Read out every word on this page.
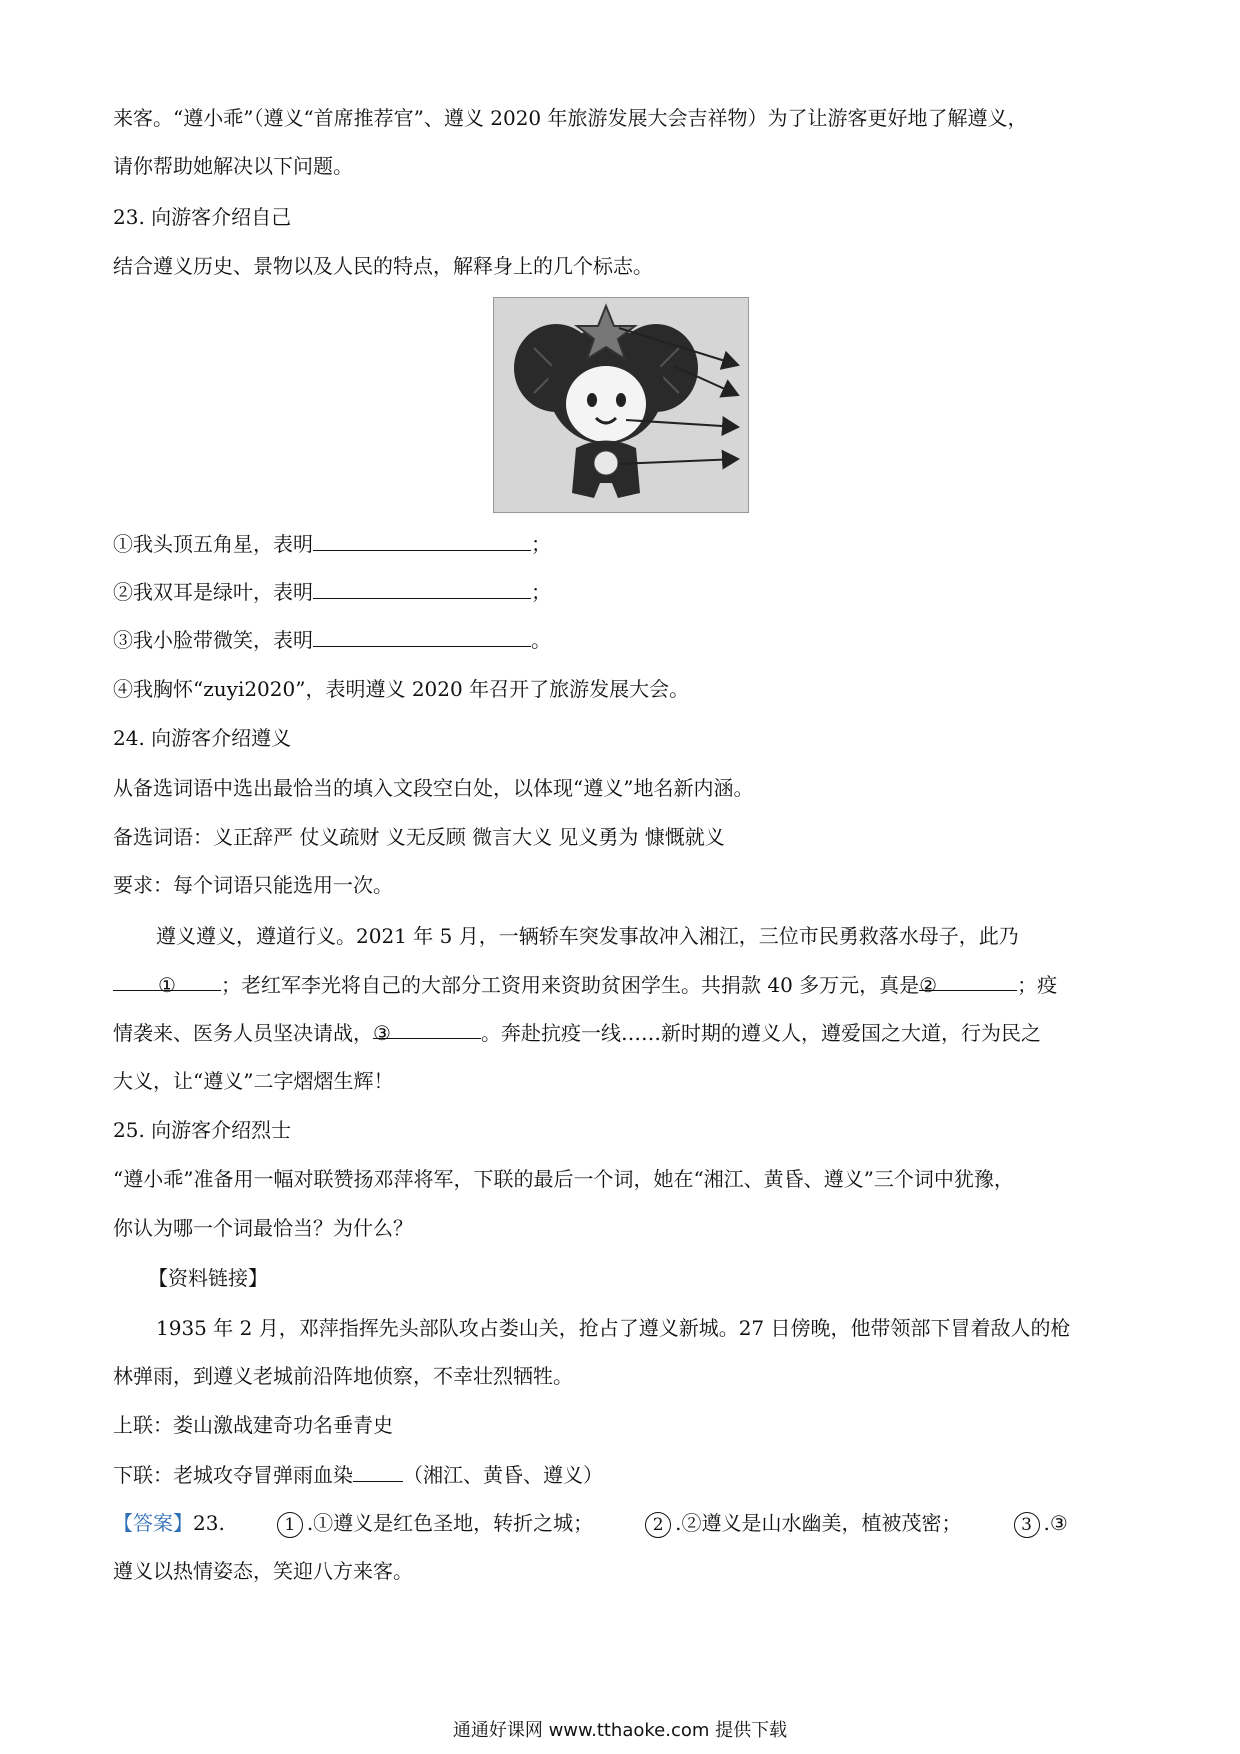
来客。“遵小乖”（遵义“首席推荐官”、遵义 2020 年旅游发展大会吉祥物）为了让游客更好地了解遵义，
请你帮助她解决以下问题。
23. 向游客介绍自己
结合遵义历史、景物以及人民的特点，解释身上的几个标志。
①我头顶五角星，表明	；
②我双耳是绿叶，表明	；
③我小脸带微笑，表明	。
④我胸怀“zuyi2020”，表明遵义 2020 年召开了旅游发展大会。
24. 向游客介绍遵义
从备选词语中选出最恰当的填入文段空白处，以体现“遵义”地名新内涵。
备选词语：义正辞严 仗义疏财 义无反顾 微言大义 见义勇为 慷慨就义
要求：每个词语只能选用一次。
遵义遵义，遵道行义。2021 年 5 月，一辆轿车突发事故冲入湘江，三位市民勇救落水母子，此乃
① ；老红军李光将自己的大部分工资用来资助贫困学生。共捐款 40 多万元，真是②	；疫
情袭来、医务人员坚决请战，③	。奔赴抗疫一线……新时期的遵义人，遵爱国之大道，行为民之
大义，让“遵义”二字熠熠生辉！
25. 向游客介绍烈士
“遵小乖”准备用一幅对联赞扬邓萍将军，下联的最后一个词，她在“湘江、黄昏、遵义”三个词中犹豫，
你认为哪一个词最恰当？为什么？
【资料链接】
1935 年 2 月，邓萍指挥先头部队攻占娄山关，抢占了遵义新城。27 日傍晚，他带领部下冒着敌人的枪
林弹雨，到遵义老城前沿阵地侦察，不幸壮烈牺牲。
上联：娄山激战建奇功名垂青史
下联：老城攻夺冒弹雨血染	（湘江、黄昏、遵义）
【答案】23.	1 .①遵义是红色圣地，转折之城；	2 .②遵义是山水幽美，植被茂密；	3 .③
遵义以热情姿态，笑迎八方来客。
通通好课网 www.tthaoke.com 提供下载
